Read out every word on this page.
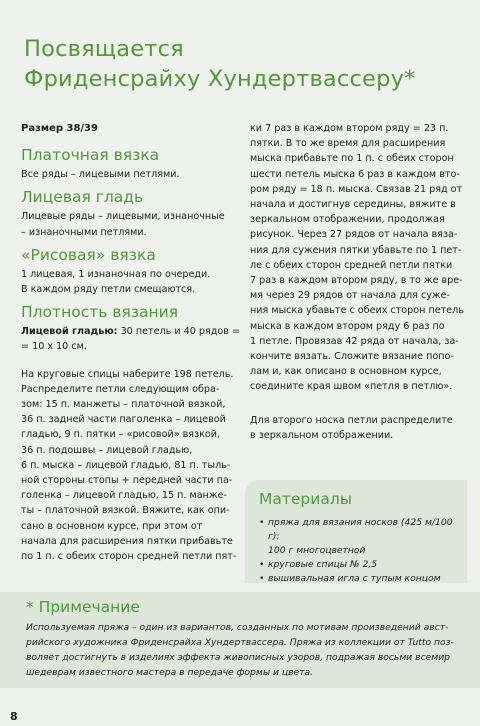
Посвящается
Фриденсрайху Хундертвассеру*
Размер 38/39
Платочная вязка
Все ряды – лицевыми петлями.
Лицевая гладь
Лицевые ряды – лицевыми, изнаночные
– изнаночными петлями.
«Рисовая» вязка
1 лицевая, 1 изнаночная по очереди.
В каждом ряду петли смещаются.
Плотность вязания
Лицевой гладью: 30 петель и 40 рядов =
= 10 х 10 см.
На круговые спицы наберите 198 петель.
Распределите петли следующим обра-
зом: 15 п. манжеты – платочной вязкой,
36 п. задней части паголенка – лицевой
гладью, 9 п. пятки – «рисовой» вязкой,
36 п. подошвы – лицевой гладью,
6 п. мыска – лицевой гладью, 81 п. тыль-
ной стороны стопы + передней части па-
голенка – лицевой гладью, 15 п. манже-
ты – платочной вязкой. Вяжите, как опи-
сано в основном курсе, при этом от
начала для расширения пятки прибавьте
по 1 п. с обеих сторон средней петли пят-
ки 7 раз в каждом втором ряду = 23 п.
пятки. В то же время для расширения
мыска прибавьте по 1 п. с обеих сторон
шести петель мыска 6 раз в каждом вто-
ром ряду = 18 п. мыска. Связав 21 ряд от
начала и достигнув середины, вяжите в
зеркальном отображении, продолжая
рисунок. Через 27 рядов от начала вяза-
ния для сужения пятки убавьте по 1 пет-
ле с обеих сторон средней петли пятки
7 раз в каждом втором ряду, в то же вре-
мя через 29 рядов от начала для суже-
ния мыска убавьте с обеих сторон петель
мыска в каждом втором ряду 6 раз по
1 петле. Провязав 42 ряда от начала, за-
кончите вязать. Сложите вязание попо-
лам и, как описано в основном курсе,
соедините края швом «петля в петлю».
Для второго носка петли распределите
в зеркальном отображении.
Материалы
• пряжа для вязания носков (425 м/100 г):
100 г многоцветной
• круговые спицы № 2,5
• вышивальная игла с тупым концом
* Примечание
Используемая пряжа – один из вариантов, созданных по мотивам произведений авст-
рийского художника Фриденсрайха Хундертвассера. Пряжа из коллекции от Tutto поз-
воляет достигнуть в изделиях эффекта живописных узоров, подражая восьми всемир
шедеврам известного мастера в передаче формы и цвета.
8
